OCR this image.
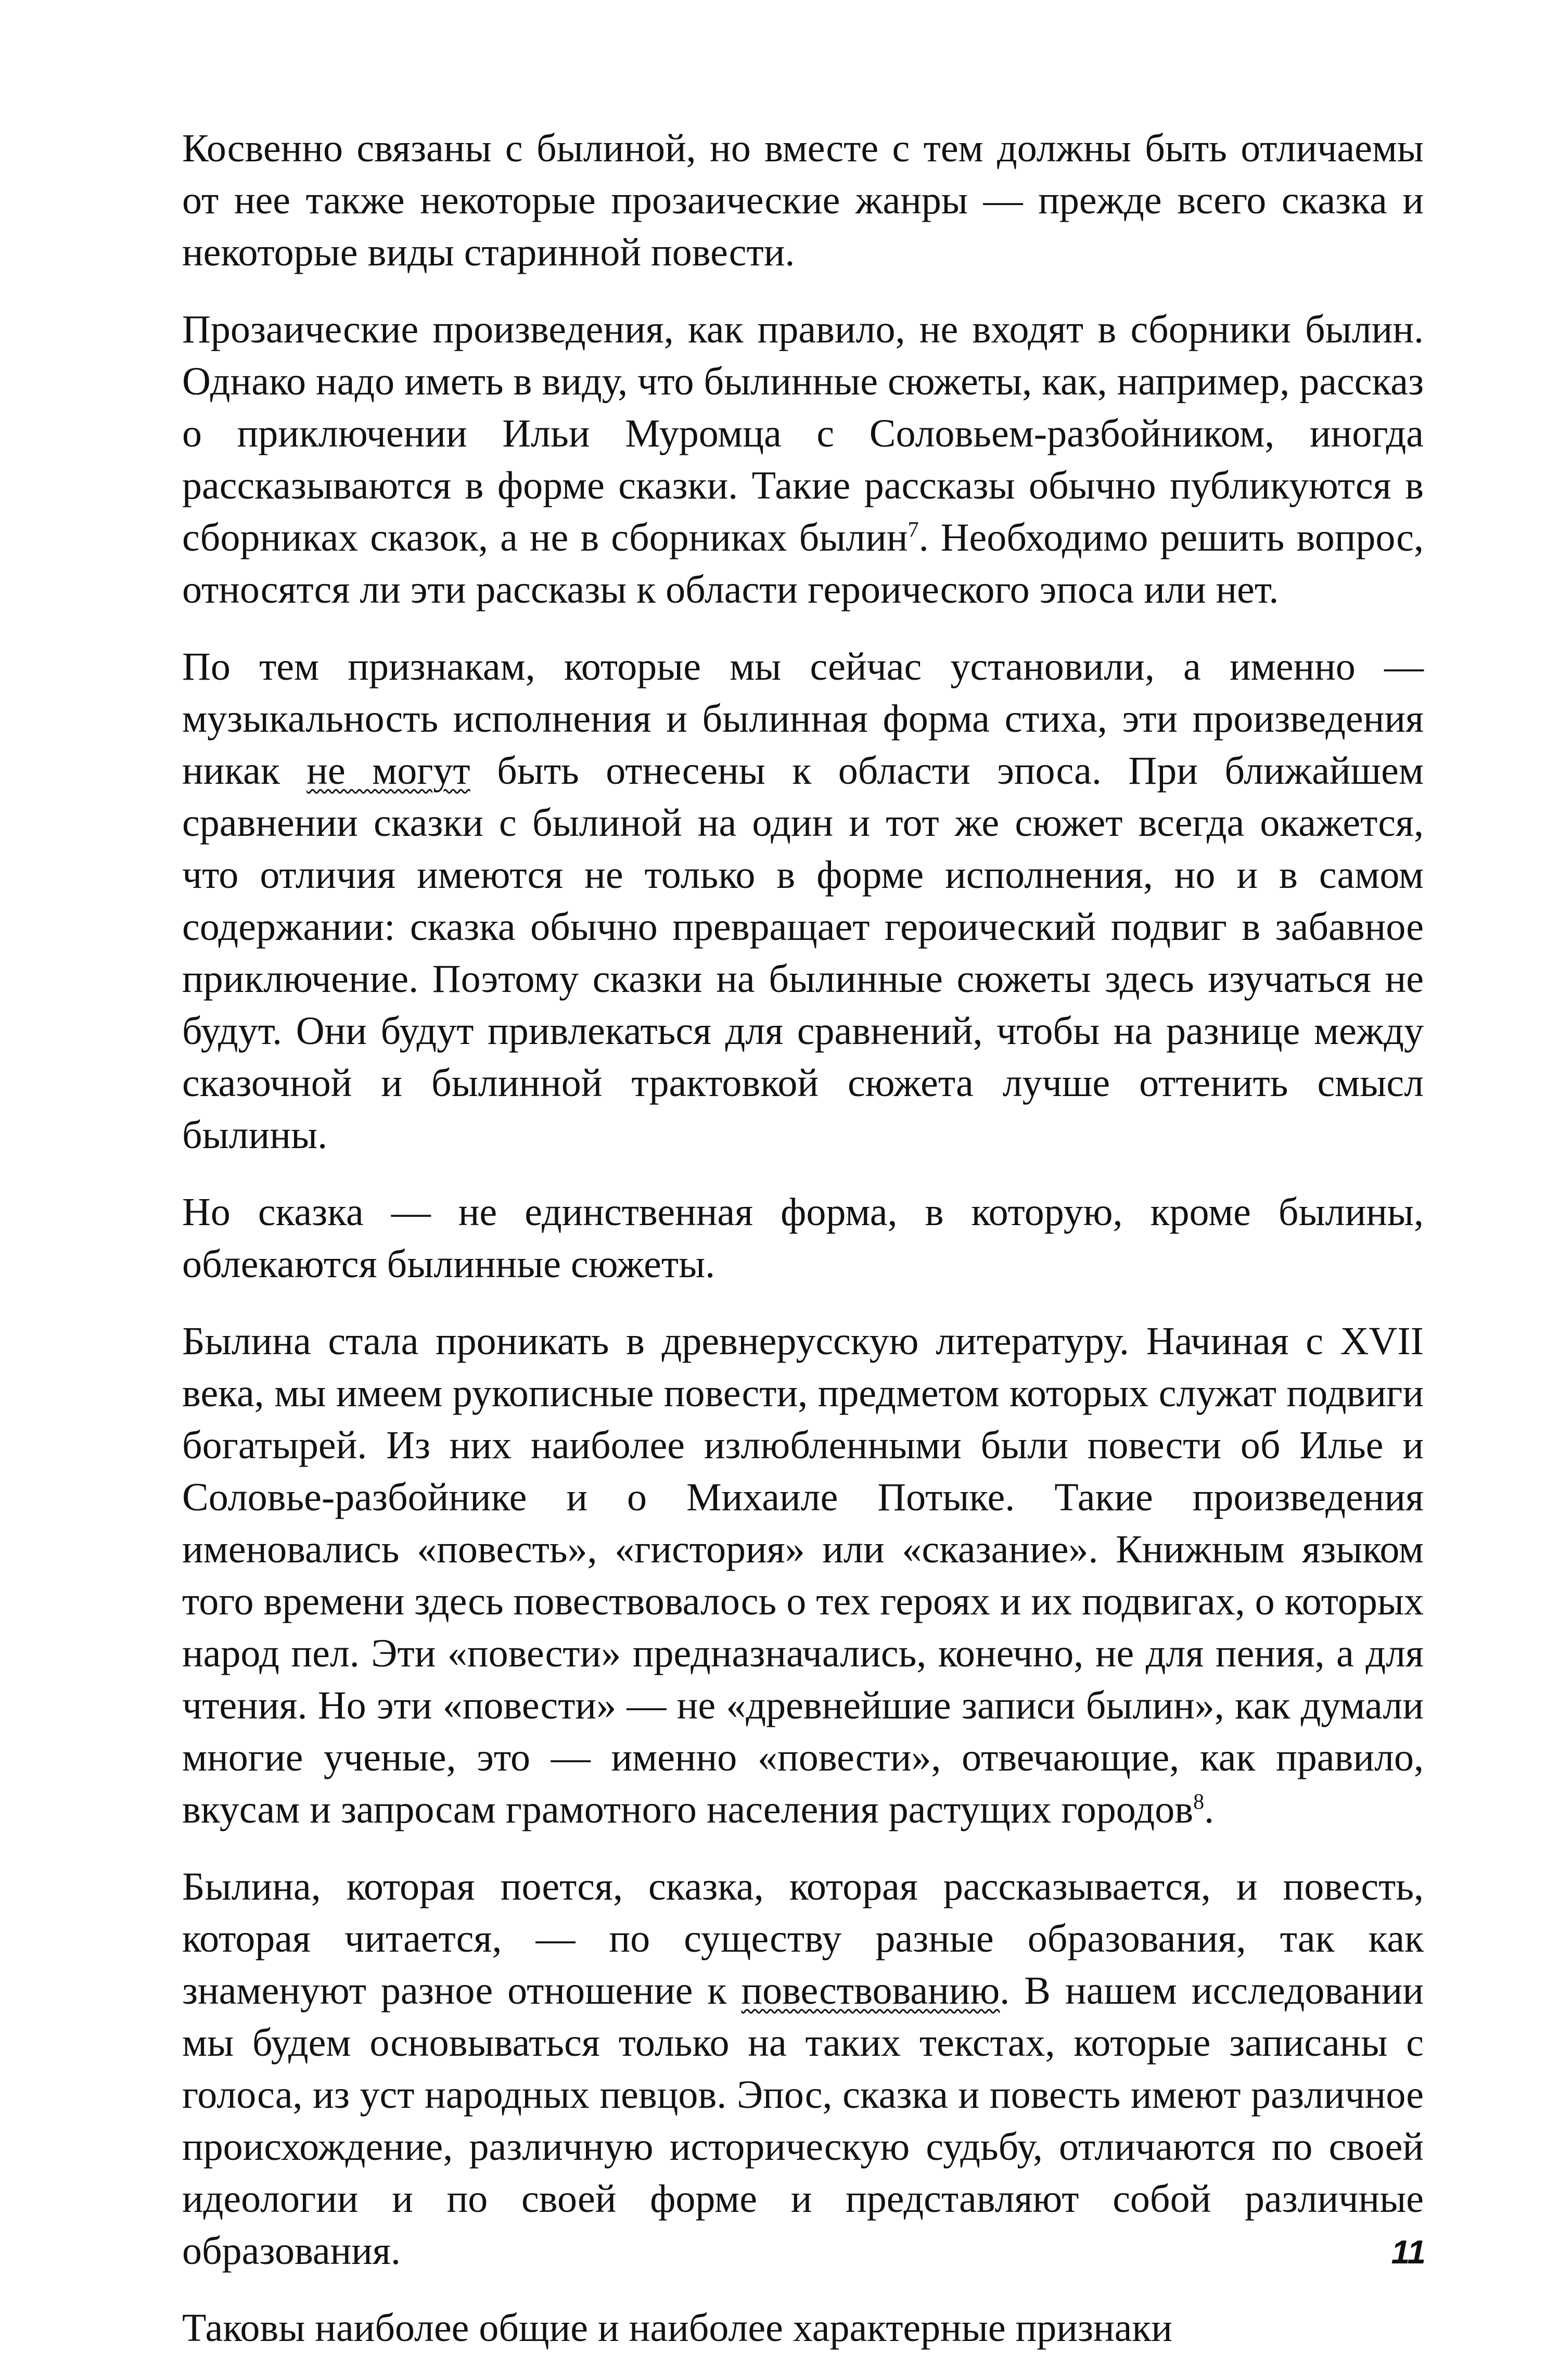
Косвенно связаны с былиной, но вместе с тем должны быть отличаемы от нее также некоторые прозаические жанры — прежде всего сказка и некоторые виды старинной повести.

Прозаические произведения, как правило, не входят в сборники былин. Однако надо иметь в виду, что былинные сюжеты, как, например, рассказ о приключении Ильи Муромца с Соловьем-разбойником, иногда рассказываются в форме сказки. Такие рассказы обычно публикуются в сборниках сказок, а не в сборниках былин$^7$. Необходимо решить вопрос, относятся ли эти рассказы к области героического эпоса или нет.

По тем признакам, которые мы сейчас установили, а именно — музыкальность исполнения и былинная форма стиха, эти произведения никак не могут быть отнесены к области эпоса. При ближайшем сравнении сказки с былиной на один и тот же сюжет всегда окажется, что отличия имеются не только в форме исполнения, но и в самом содержании: сказка обычно превращает героический подвиг в забавное приключение. Поэтому сказки на былинные сюжеты здесь изучаться не будут. Они будут привлекаться для сравнений, чтобы на разнице между сказочной и былинной трактовкой сюжета лучше оттенить смысл былины.

Но сказка — не единственная форма, в которую, кроме былины, облекаются былинные сюжеты.

Былина стала проникать в древнерусскую литературу. Начиная с XVII века, мы имеем рукописные повести, предметом которых служат подвиги богатырей. Из них наиболее излюбленными были повести об Илье и Соловье-разбойнике и о Михаиле Потыке. Такие произведения именовались «повесть», «гистория» или «сказание». Книжным языком того времени здесь повествовалось о тех героях и их подвигах, о которых народ пел. Эти «повести» предназначались, конечно, не для пения, а для чтения. Но эти «повести» — не «древнейшие записи былин», как думали многие ученые, это — именно «повести», отвечающие, как правило, вкусам и запросам грамотного населения растущих городов$^8$.

Былина, которая поется, сказка, которая рассказывается, и повесть, которая читается, — по существу разные образования, так как знаменуют разное отношение к повествованию. В нашем исследовании мы будем основываться только на таких текстах, которые записаны с голоса, из уст народных певцов. Эпос, сказка и повесть имеют различное происхождение, различную историческую судьбу, отличаются по своей идеологии и по своей форме и представляют собой различные образования.

Таковы наиболее общие и наиболее характерные признаки

11
